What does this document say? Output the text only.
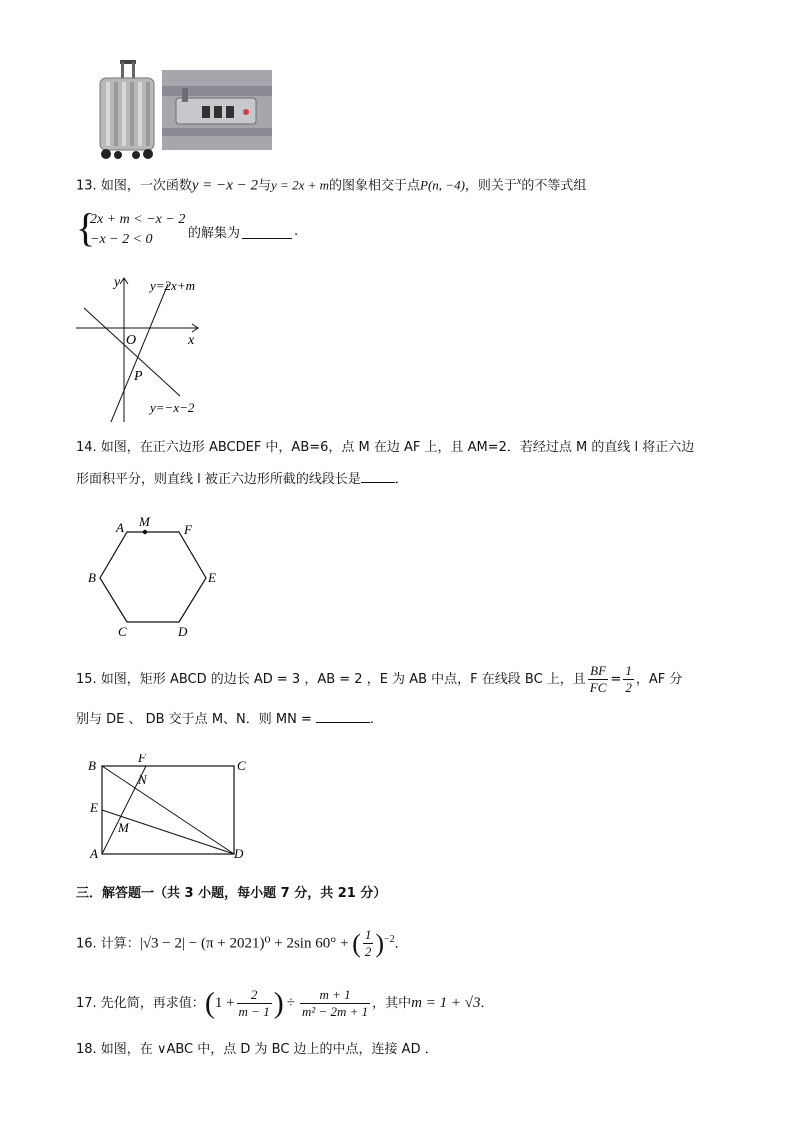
13. 如图，一次函数y = −x − 2与y = 2x + m的图象相交于点P(n, −4)，则关于$^x$的不等式组
{
2x + m < −x − 2
−x − 2 < 0	的解集为	.
y
x
O
P
y=2x+m
y=−x−2
14. 如图，在正六边形 ABCDEF 中，AB=6，点 M 在边 AF 上，且 AM=2．若经过点 M 的直线 l 将正六边
形面积平分，则直线 l 被正六边形所截的线段长是	．
A M
F
B	E
C	D
15. 如图，矩形 ABCD 的边长 AD = 3 ，AB = 2 ，E 为 AB 中点，F 在线段 BC 上，且 $\frac{BF}{FC} = \frac{1}{2}$ ，AF 分
别与 DE 、 DB 交于点 M、N．则 MN =	.
B
F
C
N
E
M
A	D
三．解答题一（共 3 小题，每小题 7 分，共 21 分）
16. 计算：|√3 − 2| − (π + 2021)⁰ + 2sin 60° + ( $\frac{1}{2} )^{-2}$．
17. 先化简，再求值：($1 + \frac{2}{m - 1}$ ) ÷ $\frac{m + 1}{\text{m² − 2m + 1}}$ ，其中m = 1 + √3．
18. 如图，在 ∨ABC 中，点 D 为 BC 边上的中点，连接 AD ．
